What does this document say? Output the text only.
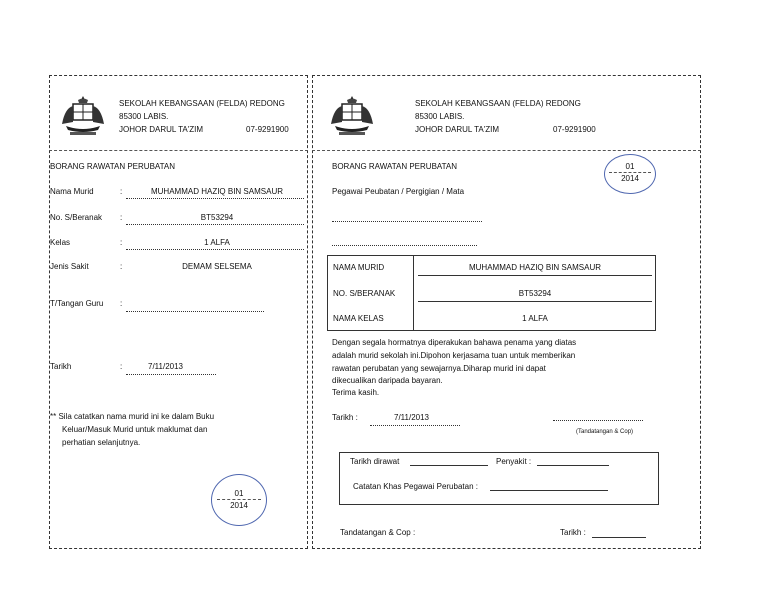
SEKOLAH KEBANGSAAN (FELDA) REDONG
85300 LABIS.
JOHOR DARUL TA'ZIM	07-9291900
BORANG RAWATAN PERUBATAN
Nama Murid	:	MUHAMMAD HAZIQ BIN SAMSAUR
No. S/Beranak :	BT53294
Kelas	:	1 ALFA
Jenis Sakit	:	DEMAM SELSEMA
T/Tangan Guru :
Tarikh	:	7/11/2013
** Sila catatkan nama murid ini ke dalam Buku
Keluar/Masuk Murid untuk maklumat dan
perhatian selanjutnya.
01
2014
SEKOLAH KEBANGSAAN (FELDA) REDONG
85300 LABIS.
JOHOR DARUL TA'ZIM	07-9291900
BORANG RAWATAN PERUBATAN	01
2014
Pegawai Peubatan / Pergigian / Mata
NAMA MURID	MUHAMMAD HAZIQ BIN SAMSAUR
NO. S/BERANAK	BT53294
NAMA KELAS	1 ALFA
Dengan segala hormatnya diperakukan bahawa penama yang diatas
adalah murid sekolah ini.Dipohon kerjasama tuan untuk memberikan
rawatan perubatan yang sewajarnya.Diharap murid ini dapat
dikecualikan daripada bayaran.
Terima kasih.
Tarikh :	7/11/2013
(Tandatangan & Cop)
Tarikh dirawat	Penyakit :
Catatan Khas Pegawai Perubatan :
Tandatangan & Cop :	Tarikh :
